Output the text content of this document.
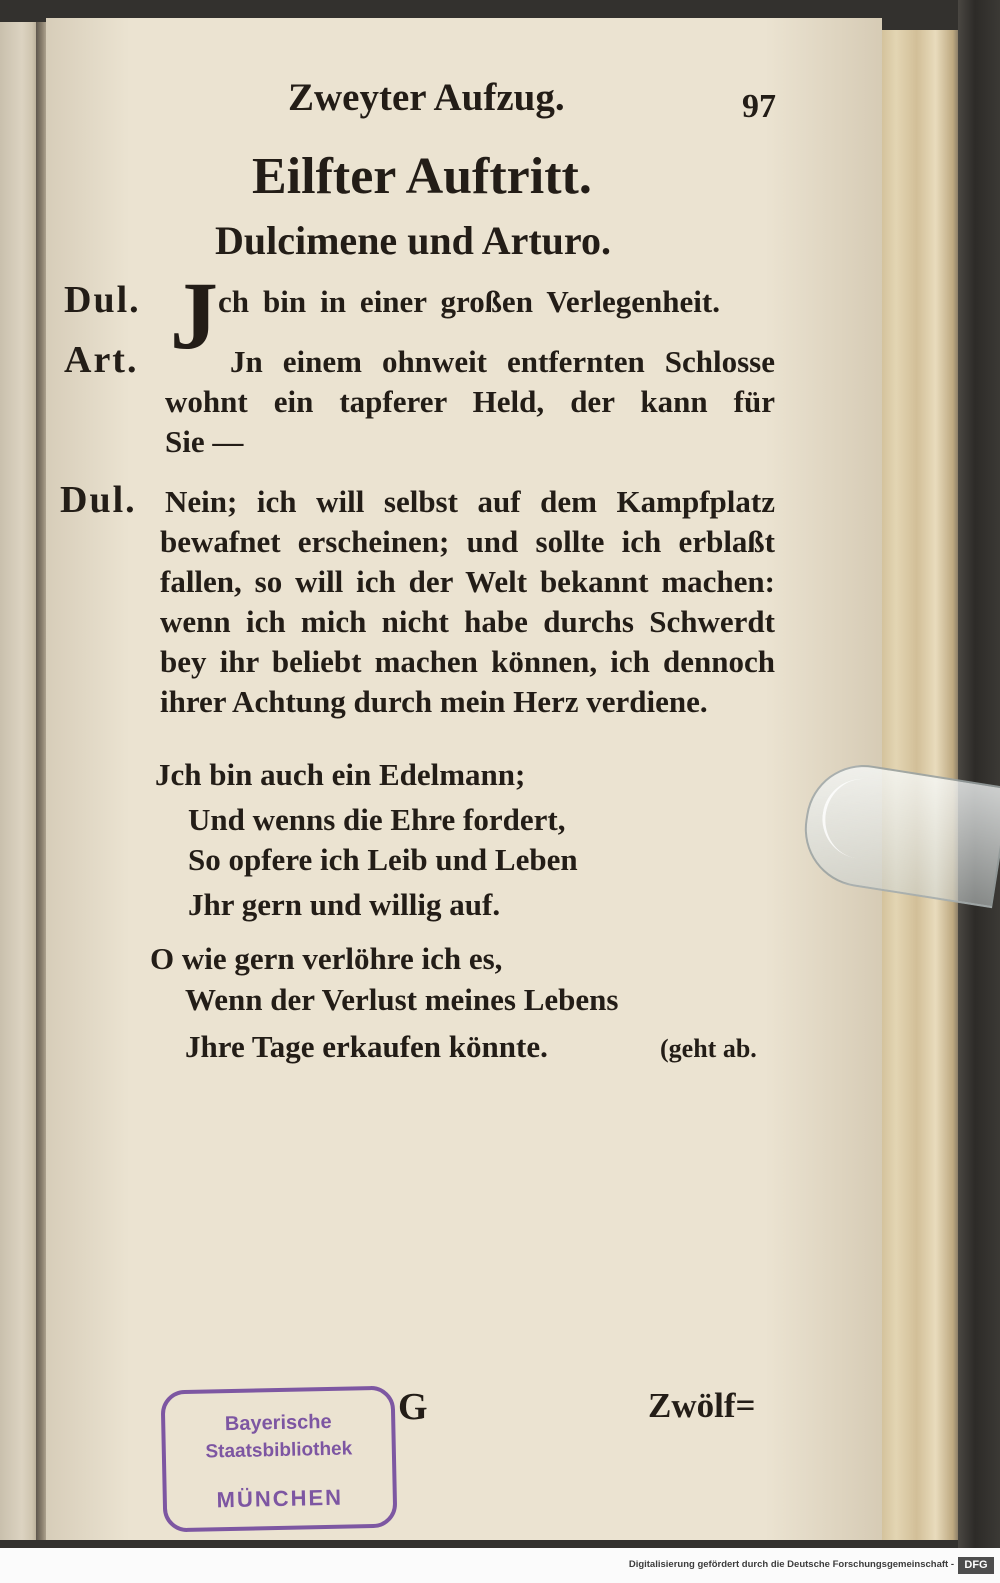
Zweyter Aufzug.	97
Eilfter Auftritt.
Dulcimene und Arturo.
Dul. J ch bin in einer großen Verlegenheit.
Art.	Jn einem ohnweit entfernten Schlosse
wohnt ein tapferer Held, der kann für
Sie —
Dul. Nein; ich will selbst auf dem Kampfplatz
bewafnet erscheinen; und sollte ich erblaßt
fallen, so will ich der Welt bekannt machen:
wenn ich mich nicht habe durchs Schwerdt
bey ihr beliebt machen können, ich dennoch
ihrer Achtung durch mein Herz verdiene.
Jch bin auch ein Edelmann;
Und wenns die Ehre fordert,
So opfere ich Leib und Leben
Jhr gern und willig auf.
O wie gern verlöhre ich es,
Wenn der Verlust meines Lebens
Jhre Tage erkaufen könnte.	(geht ab.
G	Zwölf=
Bayerische
Staatsbibliothek
MÜNCHEN
Digitalisierung gefördert durch die Deutsche Forschungsgemeinschaft - DFG
